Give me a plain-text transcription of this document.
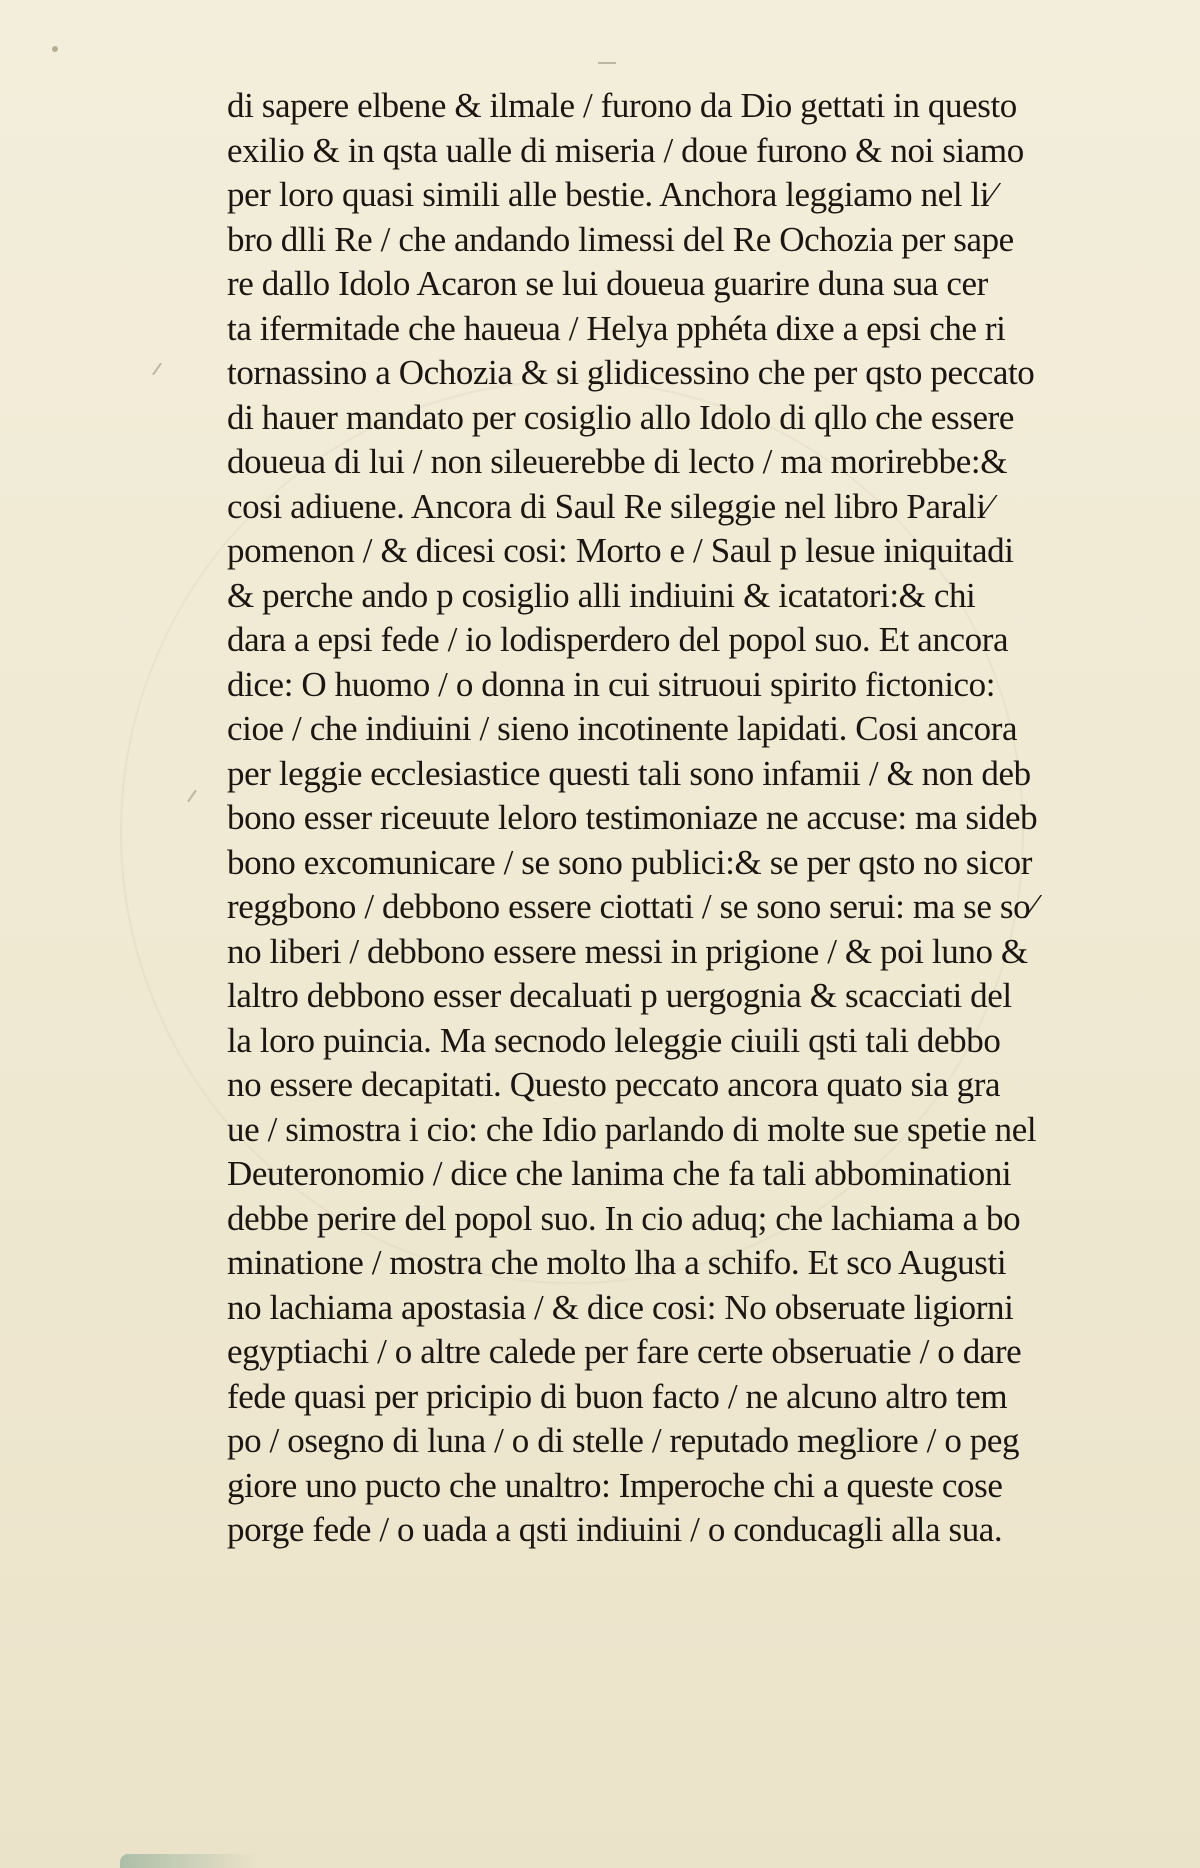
di sapere elbene & ilmale / furono da Dio gettati in questo
exilio & in qsta ualle di miseria / doue furono & noi siamo
per loro quasi simili alle bestie. Anchora leggiamo nel li⁄
bro dlli Re / che andando limessi del Re Ochozia per sape
re dallo Idolo Acaron se lui doueua guarire duna sua cer
ta ifermitade che haueua / Helya pphéta dixe a epsi che ri
tornassino a Ochozia & si glidicessino che per qsto peccato
di hauer mandato per cosiglio allo Idolo di qllo che essere
doueua di lui / non sileuerebbe di lecto / ma morirebbe:&
cosi adiuene. Ancora di Saul Re sileggie nel libro Parali⁄
pomenon / & dicesi cosi: Morto e / Saul p lesue iniquitadi
& perche ando p cosiglio alli indiuini & icatatori:& chi
dara a epsi fede / io lodisperdero del popol suo. Et ancora
dice: O huomo / o donna in cui sitruoui spirito fictonico:
cioe / che indiuini / sieno incotinente lapidati. Cosi ancora
per leggie ecclesiastice questi tali sono infamii / & non deb
bono esser riceuute leloro testimoniaze ne accuse: ma sideb
bono excomunicare / se sono publici:& se per qsto no sicor
reggbono / debbono essere ciottati / se sono serui: ma se so⁄
no liberi / debbono essere messi in prigione / & poi luno &
laltro debbono esser decaluati p uergognia & scacciati del
la loro puincia. Ma secnodo leleggie ciuili qsti tali debbo
no essere decapitati. Questo peccato ancora quato sia gra
ue / simostra i cio: che Idio parlando di molte sue spetie nel
Deuteronomio / dice che lanima che fa tali abbominationi
debbe perire del popol suo. In cio aduq; che lachiama a bo
minatione / mostra che molto lha a schifo. Et sco Augusti
no lachiama apostasia / & dice cosi: No obseruate ligiorni
egyptiachi / o altre calede per fare certe obseruatie / o dare
fede quasi per pricipio di buon facto / ne alcuno altro tem
po / osegno di luna / o di stelle / reputado megliore / o peg
giore uno pucto che unaltro: Imperoche chi a queste cose
porge fede / o uada a qsti indiuini / o conducagli alla sua.
